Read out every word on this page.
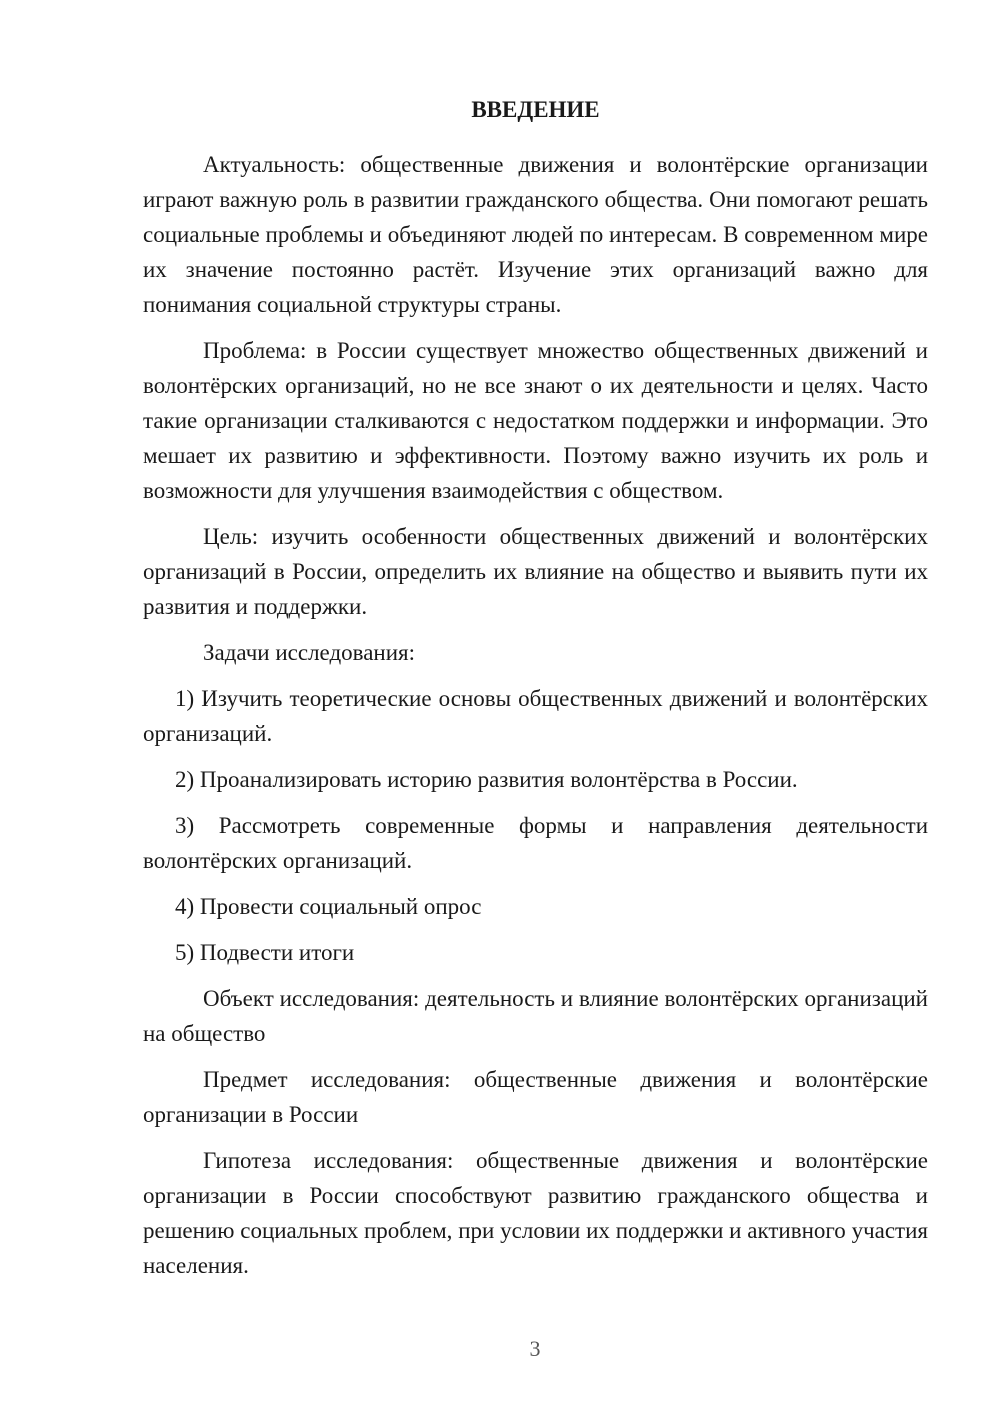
ВВЕДЕНИЕ

Актуальность: общественные движения и волонтёрские организации играют важную роль в развитии гражданского общества. Они помогают решать социальные проблемы и объединяют людей по интересам. В современном мире их значение постоянно растёт. Изучение этих организаций важно для понимания социальной структуры страны.

Проблема: в России существует множество общественных движений и волонтёрских организаций, но не все знают о их деятельности и целях. Часто такие организации сталкиваются с недостатком поддержки и информации. Это мешает их развитию и эффективности. Поэтому важно изучить их роль и возможности для улучшения взаимодействия с обществом.

Цель: изучить особенности общественных движений и волонтёрских организаций в России, определить их влияние на общество и выявить пути их развития и поддержки.

Задачи исследования:

1) Изучить теоретические основы общественных движений и волонтёрских организаций.

2) Проанализировать историю развития волонтёрства в России.

3) Рассмотреть современные формы и направления деятельности волонтёрских организаций.

4) Провести социальный опрос

5) Подвести итоги

Объект исследования: деятельность и влияние волонтёрских организаций на общество

Предмет исследования: общественные движения и волонтёрские организации в России

Гипотеза исследования: общественные движения и волонтёрские организации в России способствуют развитию гражданского общества и решению социальных проблем, при условии их поддержки и активного участия населения.

3
